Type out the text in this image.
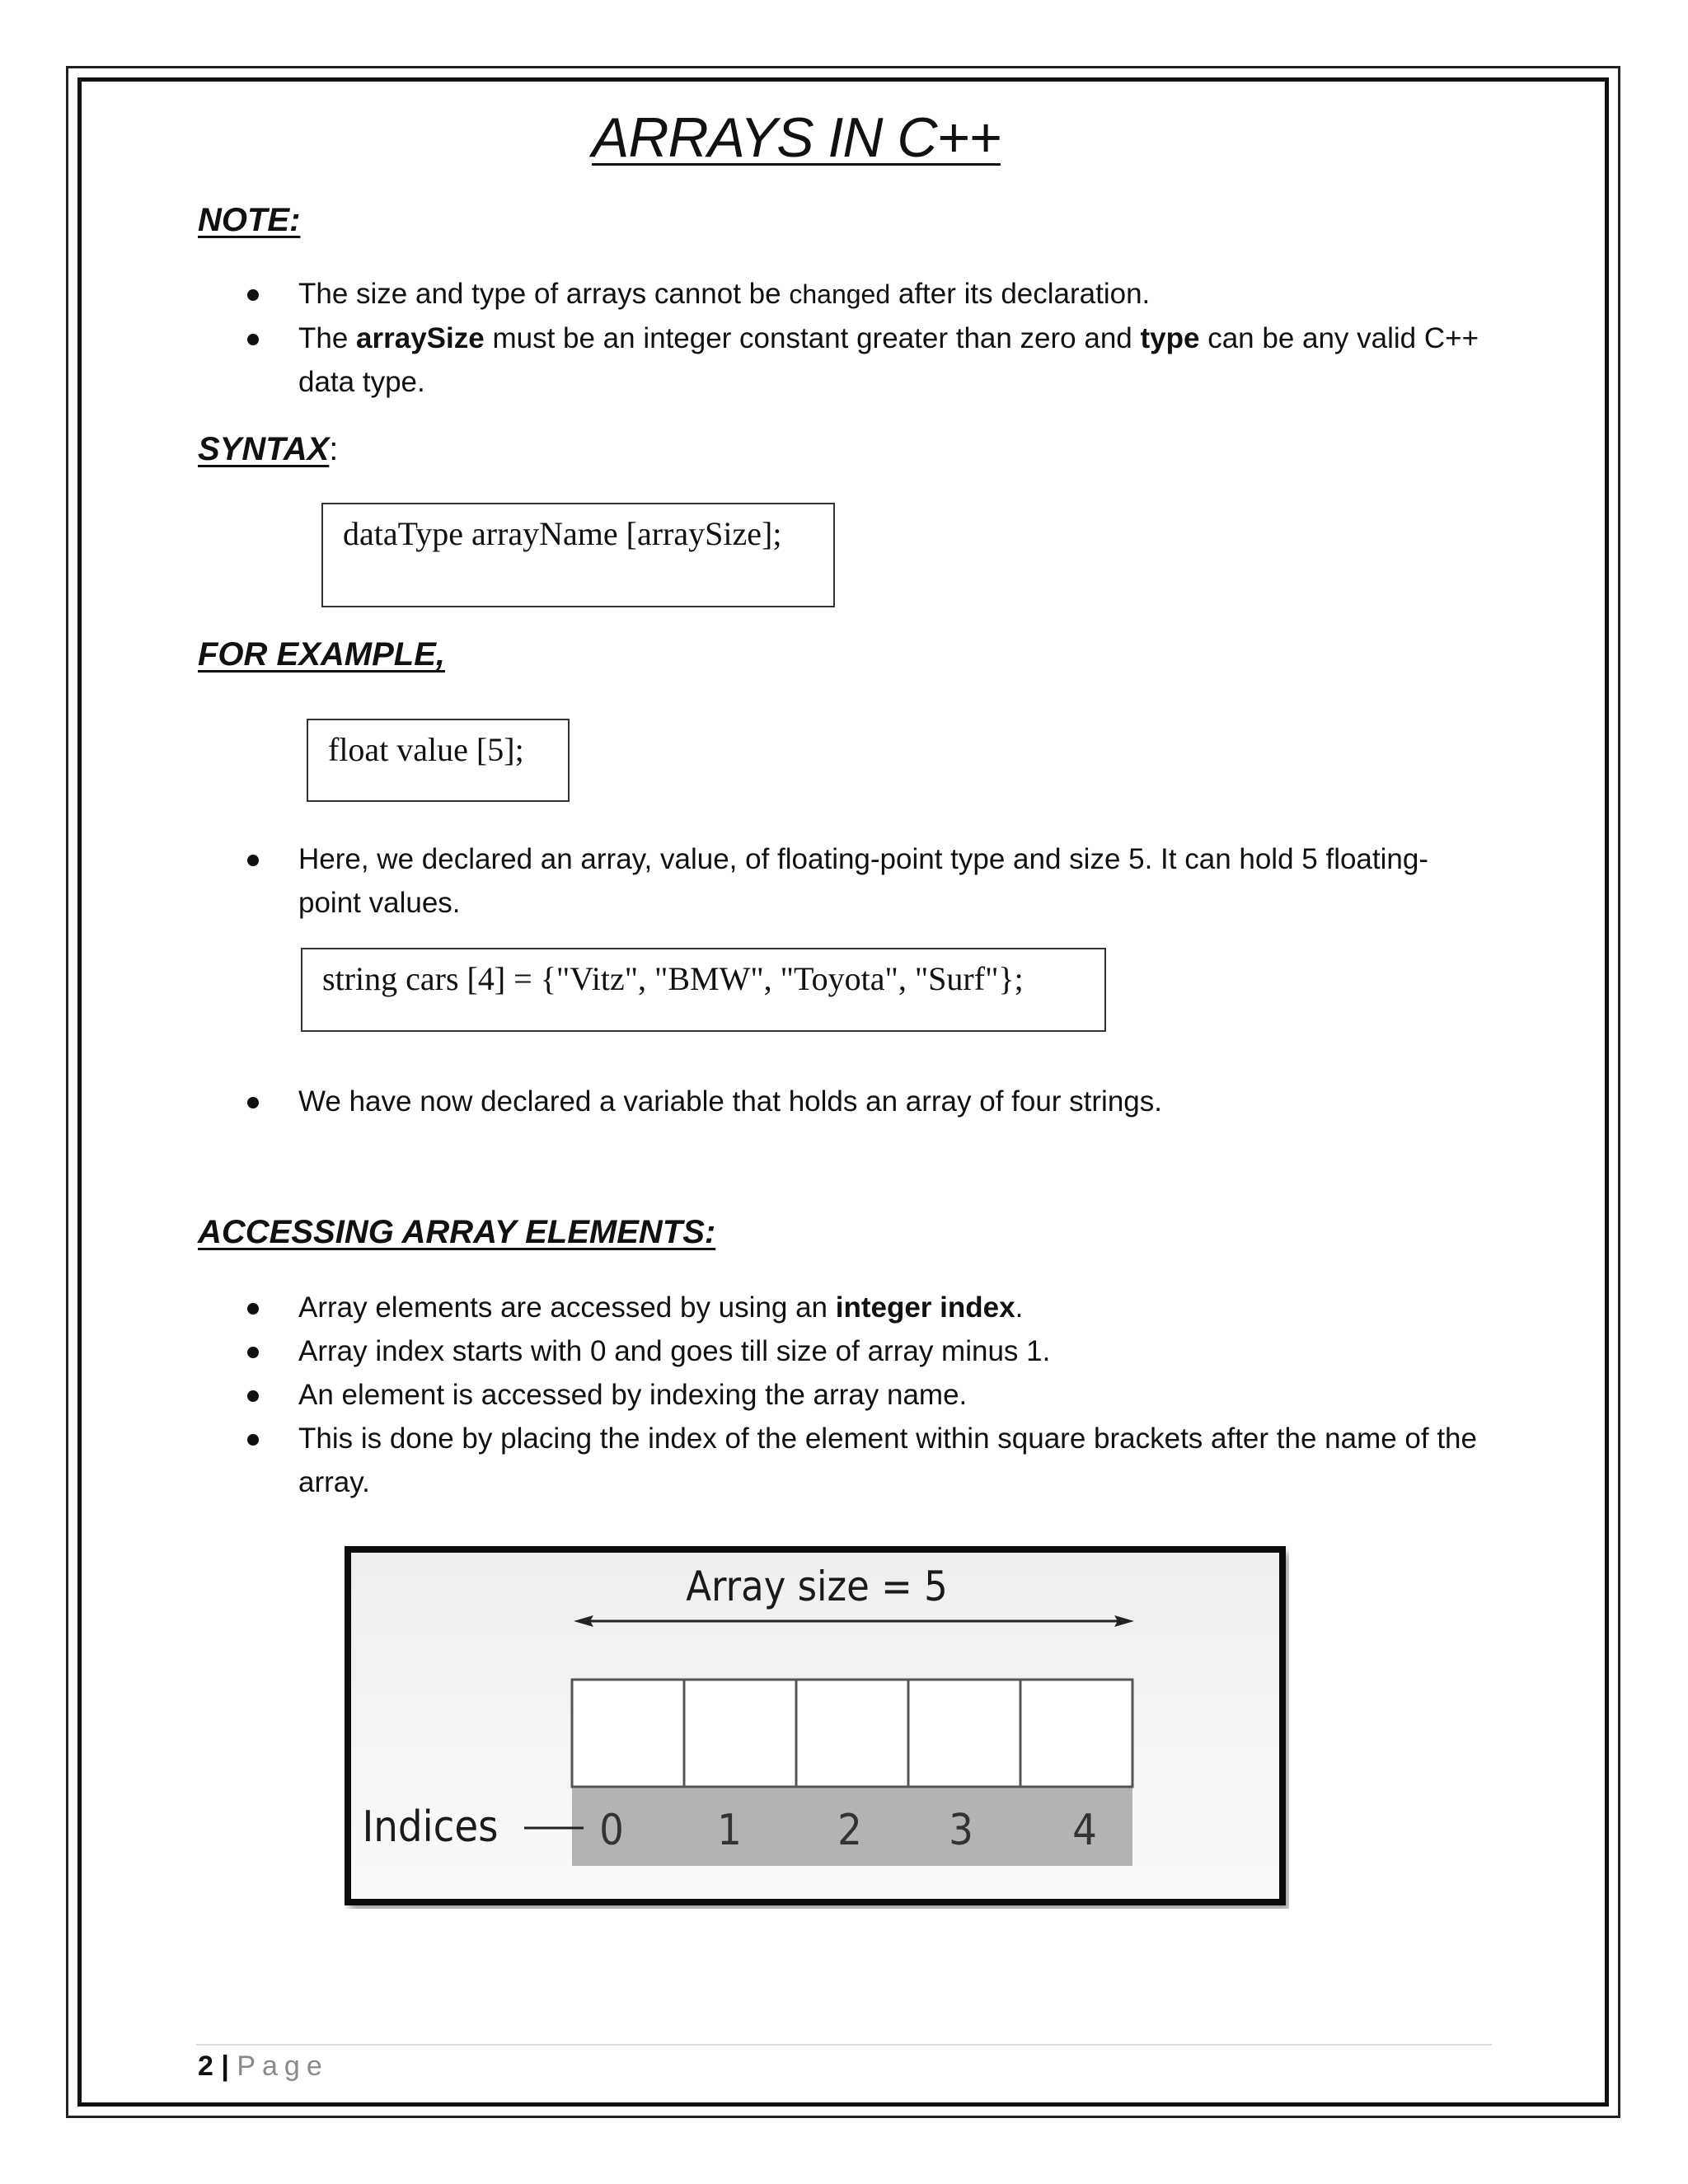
ARRAYS IN C++
NOTE:
The size and type of arrays cannot be changed after its declaration.
The arraySize must be an integer constant greater than zero and type can be any valid C++ data type.
SYNTAX:
dataType arrayName [arraySize];
FOR EXAMPLE,
float value [5];
Here, we declared an array, value, of floating-point type and size 5. It can hold 5 floating-point values.
string cars [4] = {"Vitz", "BMW", "Toyota", "Surf"};
We have now declared a variable that holds an array of four strings.
ACCESSING ARRAY ELEMENTS:
Array elements are accessed by using an integer index.
Array index starts with 0 and goes till size of array minus 1.
An element is accessed by indexing the array name.
This is done by placing the index of the element within square brackets after the name of the array.
Array size = 5
Indices 0 1 2 3 4
2 | Page
